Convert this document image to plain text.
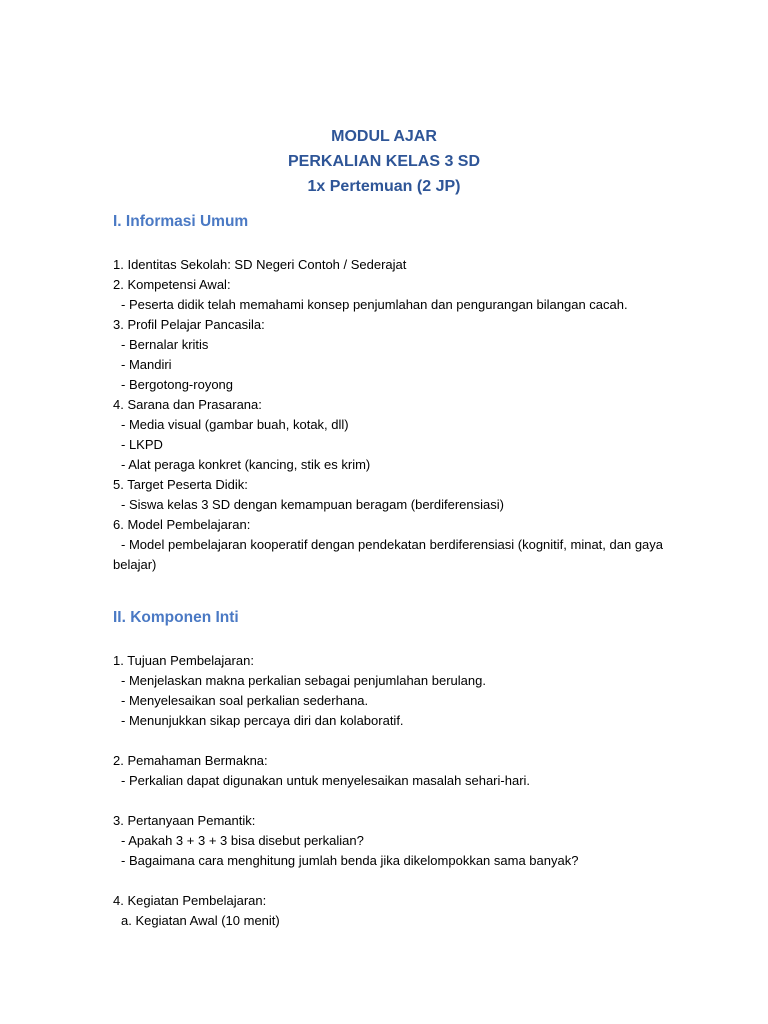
MODUL AJAR
PERKALIAN KELAS 3 SD
1x Pertemuan (2 JP)
I. Informasi Umum
1. Identitas Sekolah: SD Negeri Contoh / Sederajat
2. Kompetensi Awal:
- Peserta didik telah memahami konsep penjumlahan dan pengurangan bilangan cacah.
3. Profil Pelajar Pancasila:
- Bernalar kritis
- Mandiri
- Bergotong-royong
4. Sarana dan Prasarana:
- Media visual (gambar buah, kotak, dll)
- LKPD
- Alat peraga konkret (kancing, stik es krim)
5. Target Peserta Didik:
- Siswa kelas 3 SD dengan kemampuan beragam (berdiferensiasi)
6. Model Pembelajaran:
- Model pembelajaran kooperatif dengan pendekatan berdiferensiasi (kognitif, minat, dan gaya
belajar)
II. Komponen Inti
1. Tujuan Pembelajaran:
- Menjelaskan makna perkalian sebagai penjumlahan berulang.
- Menyelesaikan soal perkalian sederhana.
- Menunjukkan sikap percaya diri dan kolaboratif.
2. Pemahaman Bermakna:
- Perkalian dapat digunakan untuk menyelesaikan masalah sehari-hari.
3. Pertanyaan Pemantik:
- Apakah 3 + 3 + 3 bisa disebut perkalian?
- Bagaimana cara menghitung jumlah benda jika dikelompokkan sama banyak?
4. Kegiatan Pembelajaran:
a. Kegiatan Awal (10 menit)
